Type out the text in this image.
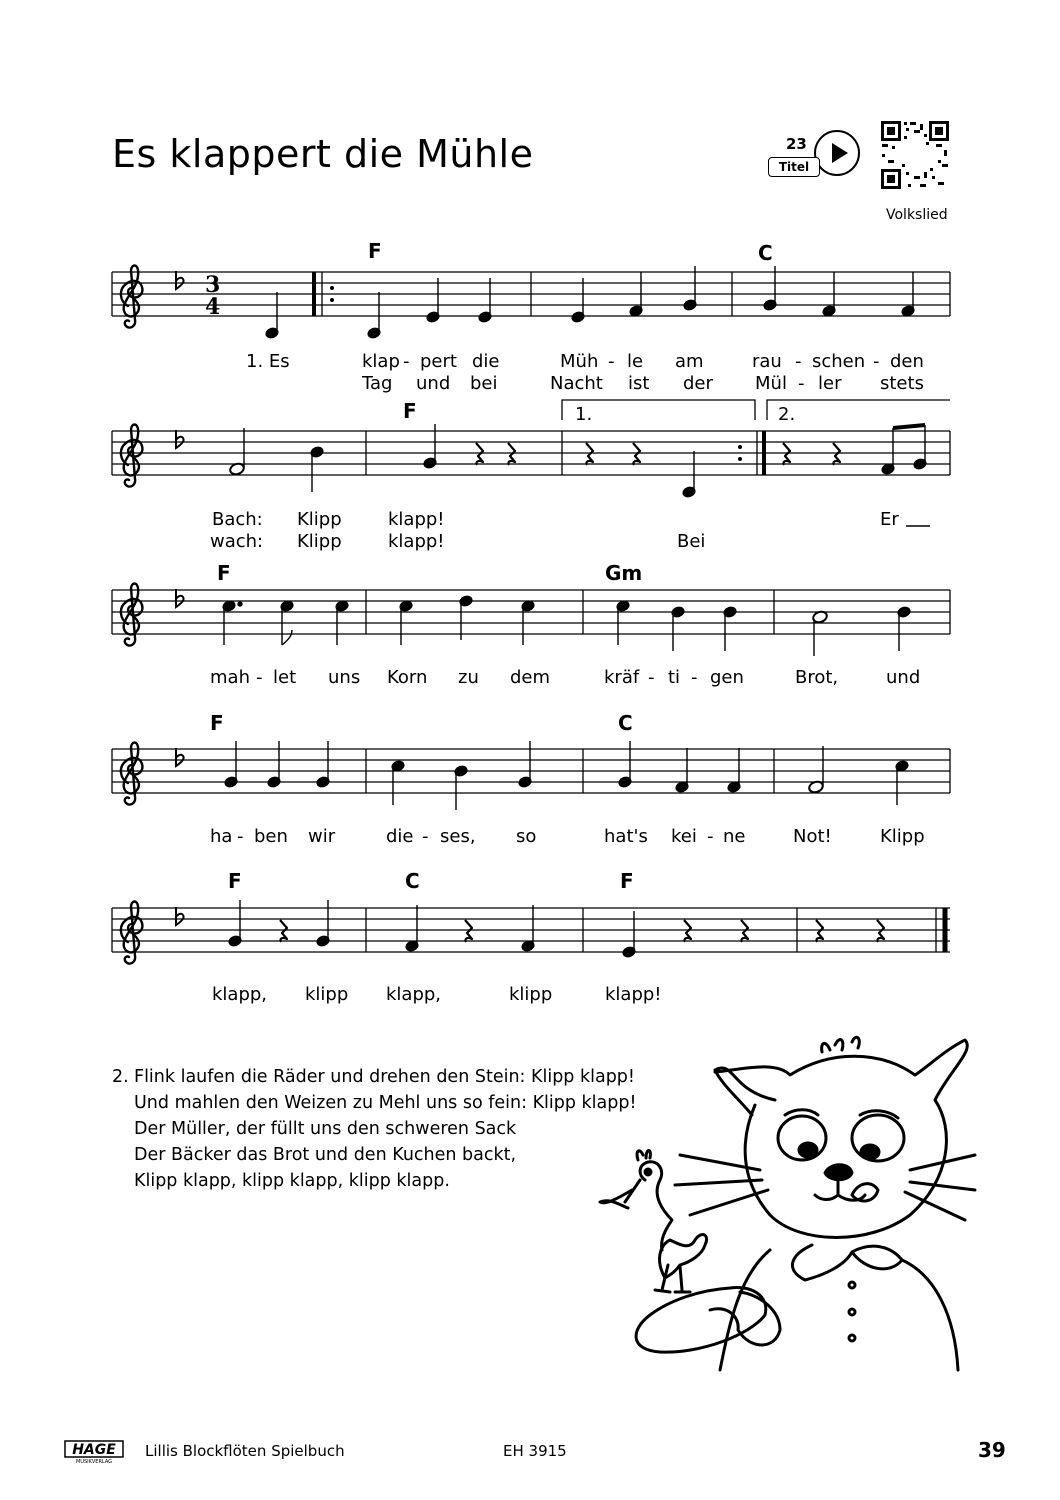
Es klappert die Mühle	23
Titel
Volkslied
3
4
F	C
1. Es	klap - pert die	Müh - le am	rau - schen - den
Tag und bei	Nacht ist der Mül - ler stets
1.	2.
F
Bach: Klipp	klapp!	Er
wach: Klipp	klapp!	Bei
F	Gm
mah - let uns Korn zu dem	kräf - ti - gen	Brot,	und
F	C
ha - ben wir	die - ses, so	hat's kei - ne	Not!	Klipp
F	C	F
klapp, klipp klapp,	klipp	klapp!
2. Flink laufen die Räder und drehen den Stein: Klipp klapp!
Und mahlen den Weizen zu Mehl uns so fein: Klipp klapp!
Der Müller, der füllt uns den schweren Sack
Der Bäcker das Brot und den Kuchen backt,
Klipp klapp, klipp klapp, klipp klapp.
HAGE
MUSIKVERLAG
Lillis Blockflöten Spielbuch	EH 3915	39
